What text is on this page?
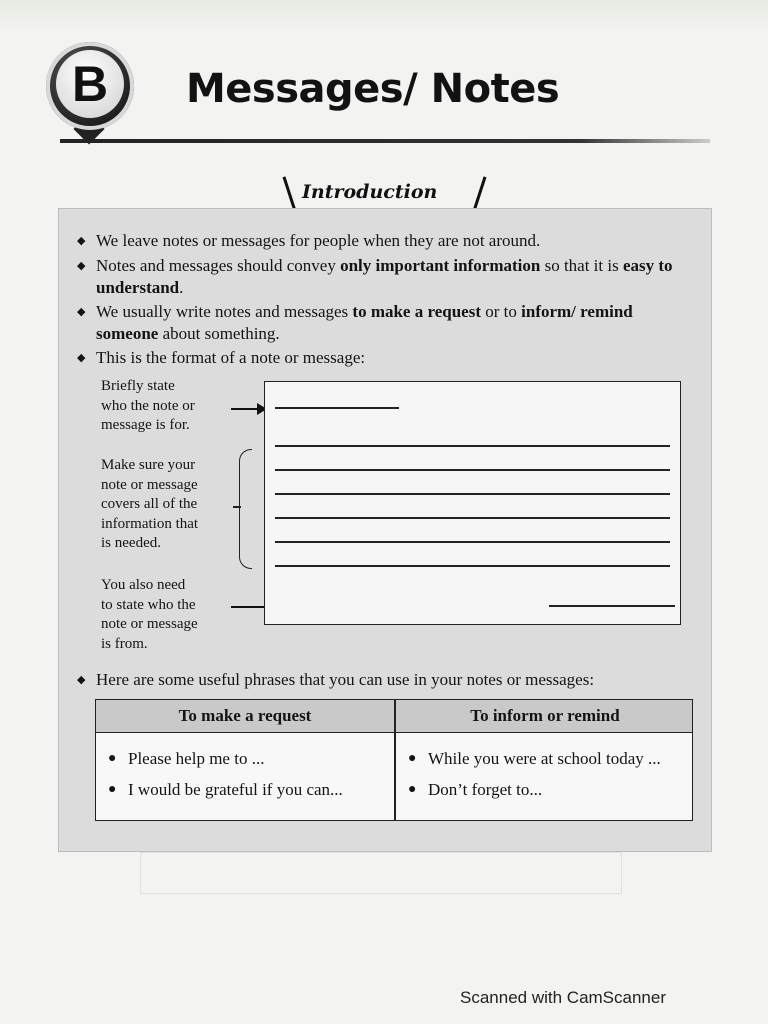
B	Messages/ Notes
Introduction
◆ We leave notes or messages for people when they are not around.
◆ Notes and messages should convey only important information so that it is easy to understand.
◆ We usually write notes and messages to make a request or to inform/ remind someone about something.
◆ This is the format of a note or message:
Briefly state
who the note or
message is for.
Make sure your
note or message
covers all of the
information that
is needed.
You also need
to state who the
note or message
is from.
◆ Here are some useful phrases that you can use in your notes or messages:
To make a request	To inform or remind
● Please help me to ...
● I would be grateful if you can...
● While you were at school today ...
● Don’t forget to...
Scanned with CamScanner
